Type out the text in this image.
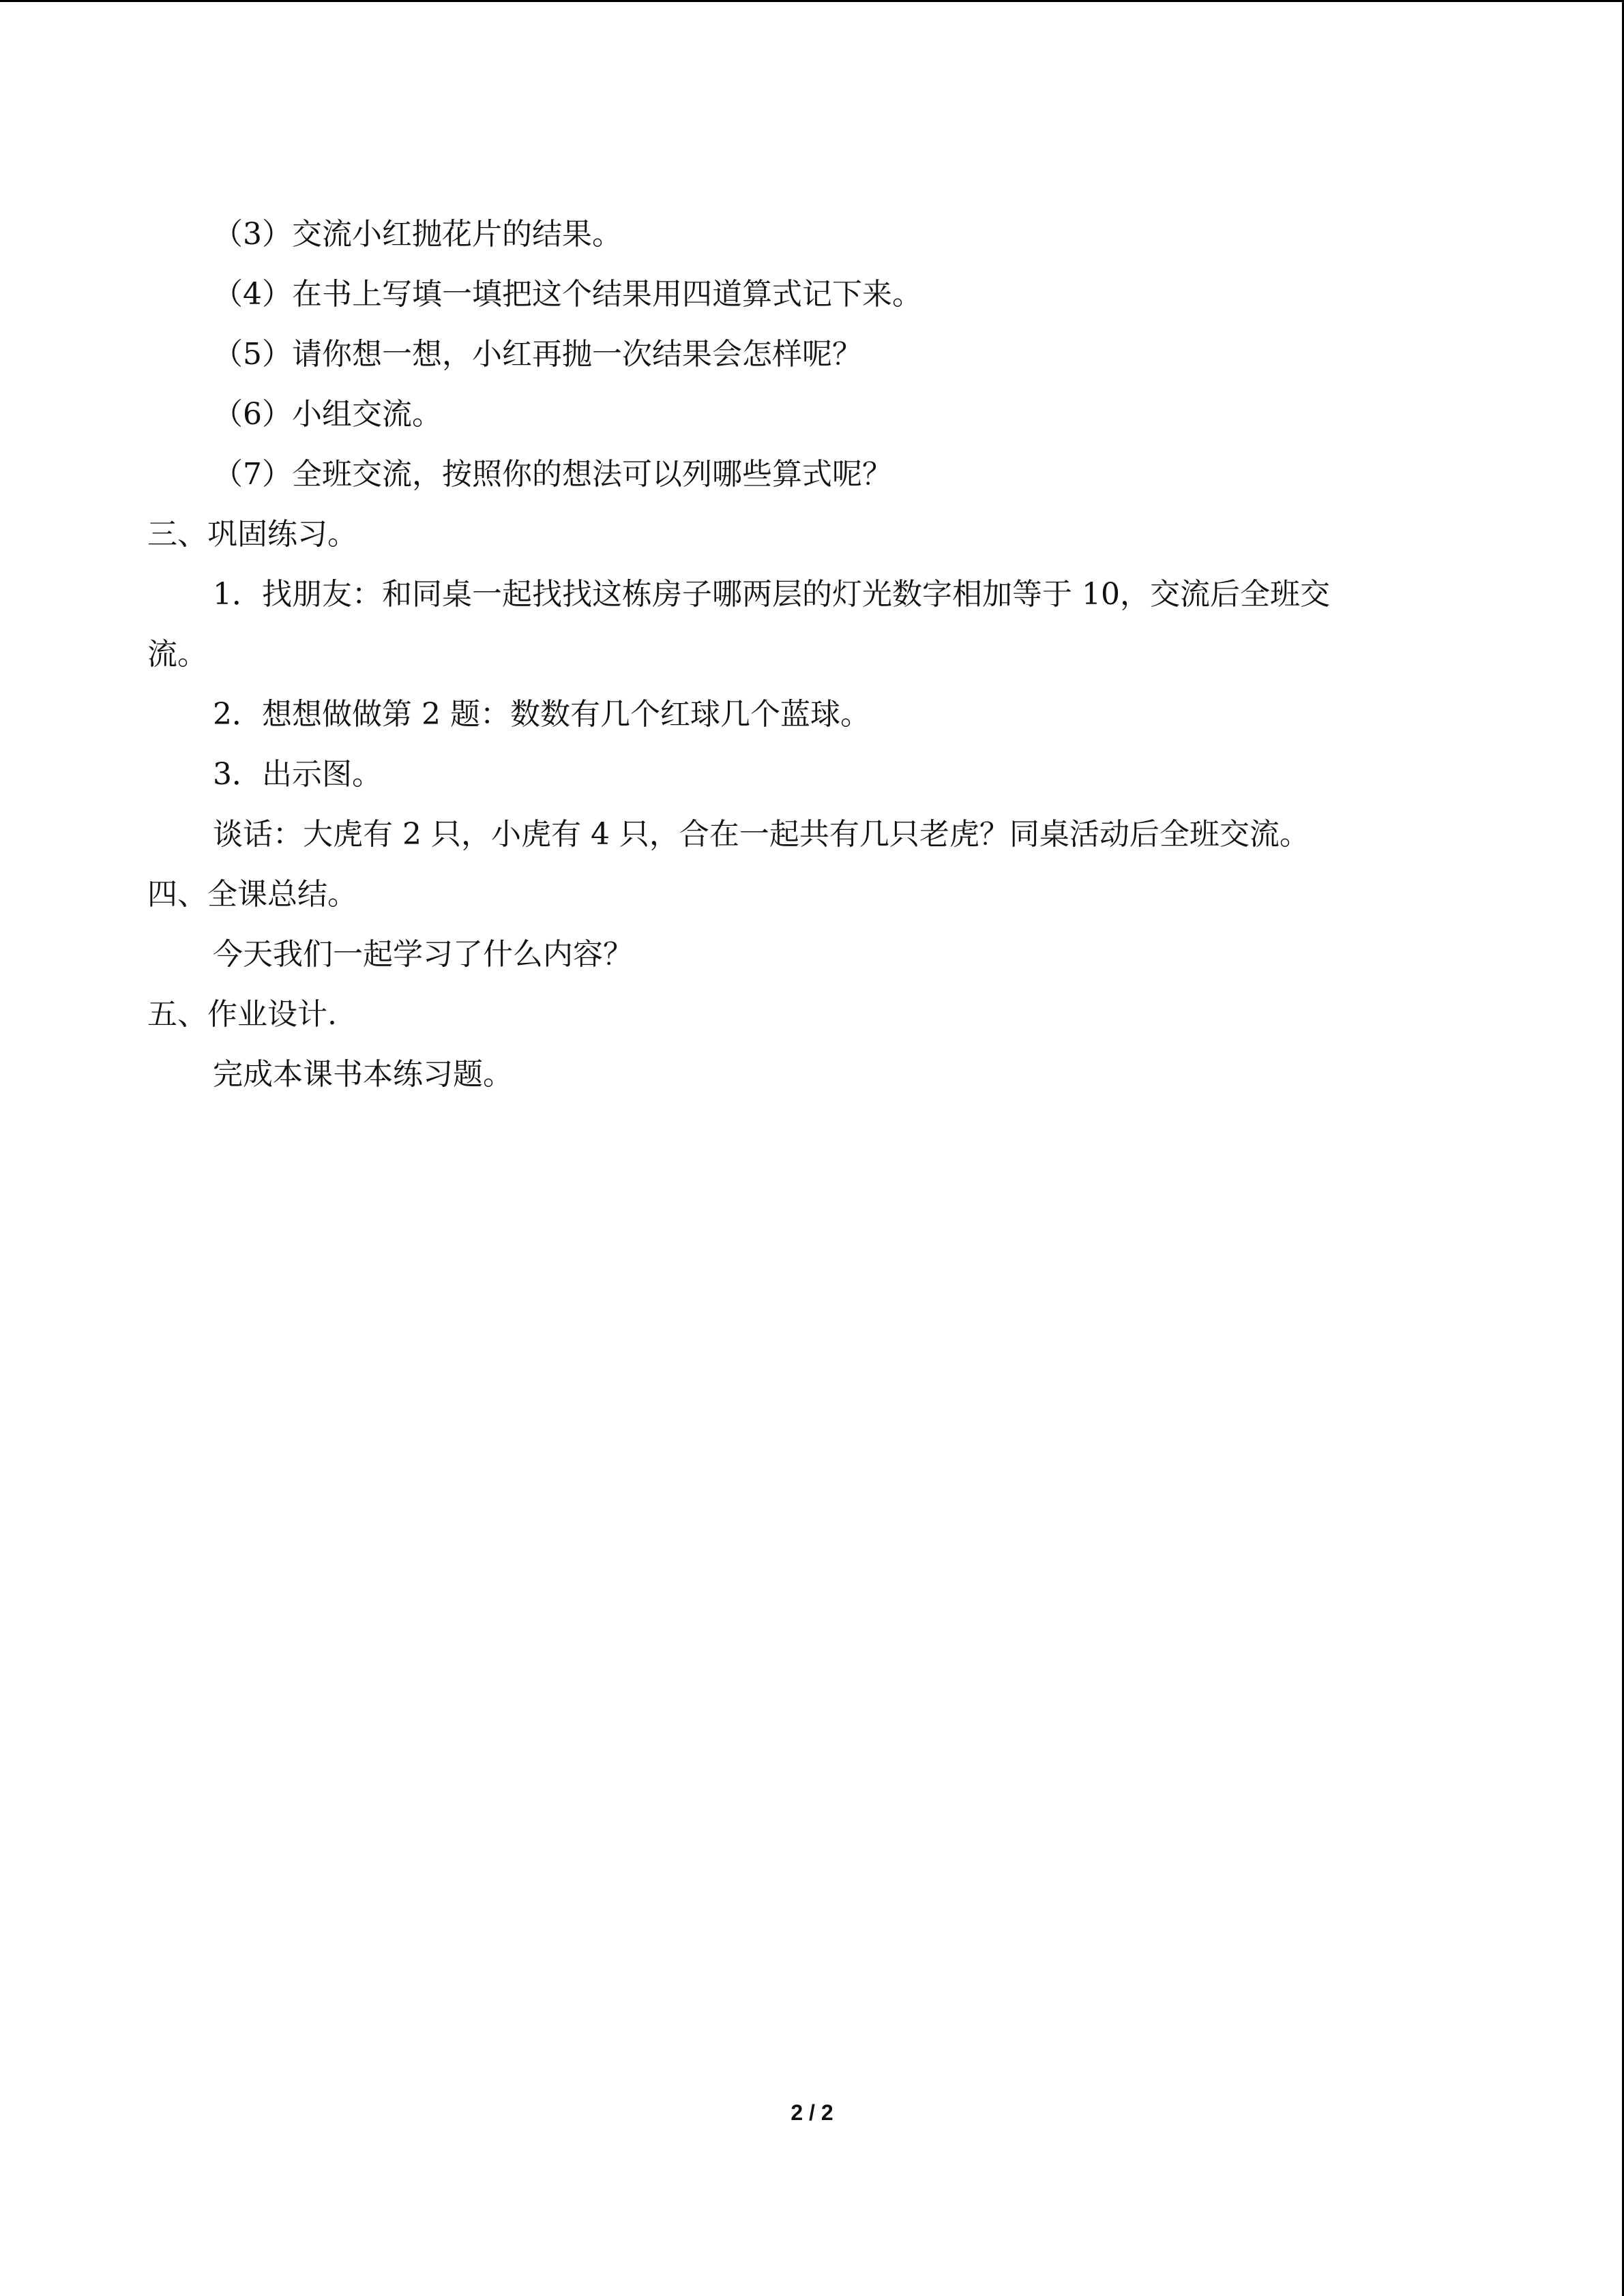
（3）交流小红抛花片的结果。
（4）在书上写填一填把这个结果用四道算式记下来。
（5）请你想一想，小红再抛一次结果会怎样呢？
（6）小组交流。
（7）全班交流，按照你的想法可以列哪些算式呢？
三、巩固练习。
1．找朋友：和同桌一起找找这栋房子哪两层的灯光数字相加等于 10，交流后全班交
流。
2．想想做做第 2 题：数数有几个红球几个蓝球。
3．出示图。
谈话：大虎有 2 只，小虎有 4 只，合在一起共有几只老虎？同桌活动后全班交流。
四、全课总结。
今天我们一起学习了什么内容？
五、作业设计.
完成本课书本练习题。
2 / 2
